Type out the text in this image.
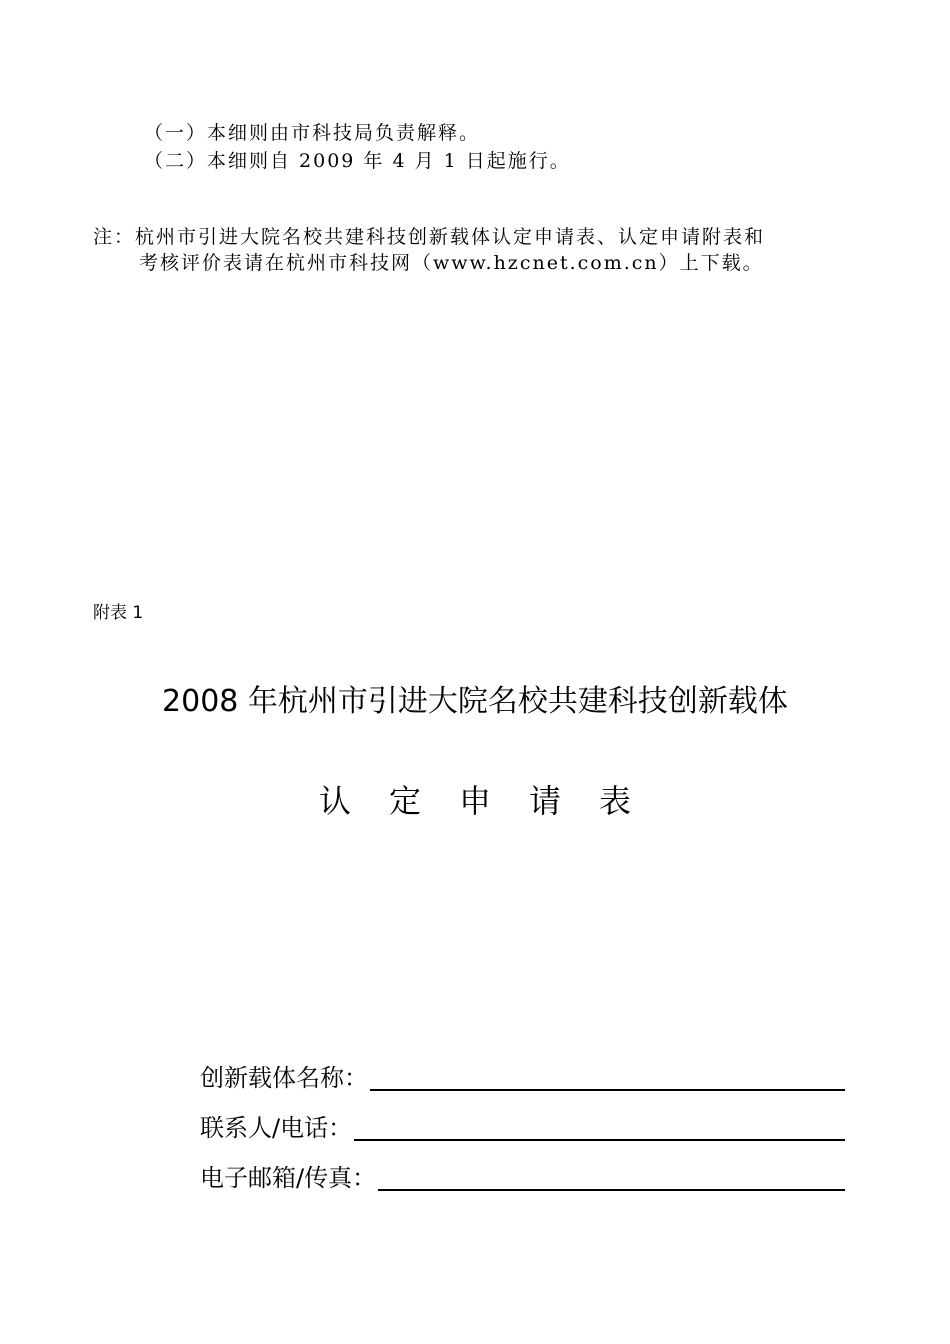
（一）本细则由市科技局负责解释。
（二）本细则自 2009 年 4 月 1 日起施行。
注：杭州市引进大院名校共建科技创新载体认定申请表、认定申请附表和
考核评价表请在杭州市科技网（www.hzcnet.com.cn）上下载。
附表 1
2008 年杭州市引进大院名校共建科技创新载体
认定申请表
创新载体名称：
联系人/电话：
电子邮箱/传真：
